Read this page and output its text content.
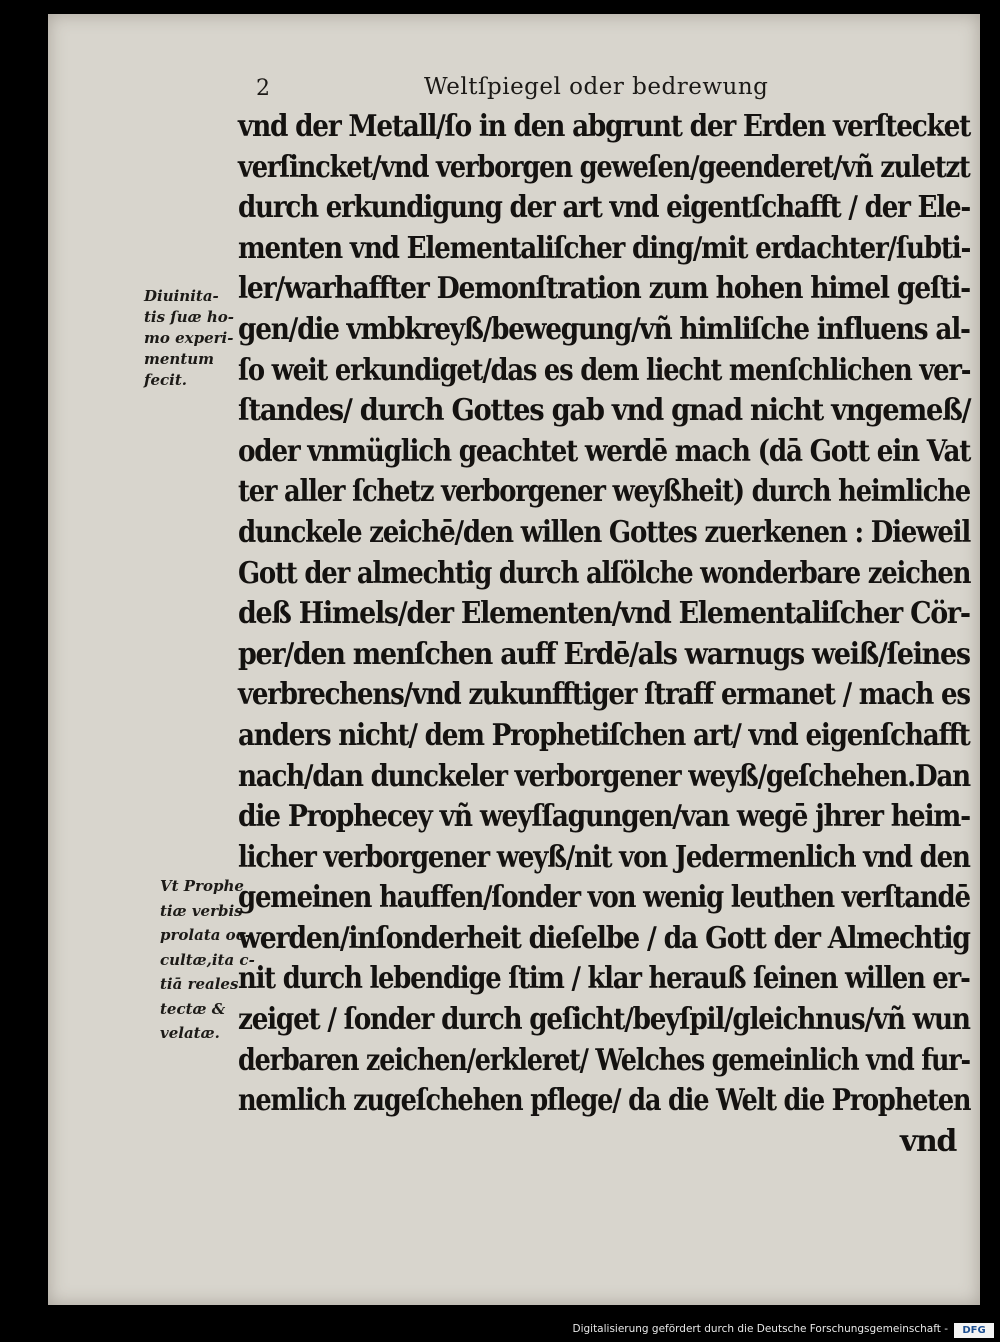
2	Weltſpiegel oder bedrewung
Diuinita-
tis ſuæ ho-
mo experi-
mentum
fecit.
Vt Prophe
tiæ verbis
prolata oc-
cultæ,ita c-
tiā reales
tectæ &
velatæ.
vnd der Metall/ſo in den abgrunt der Erden verſtecket
verſincket/vnd verborgen geweſen/geenderet/vñ zuletzt
durch erkundigung der art vnd eigentſchafft / der Ele-
menten vnd Elementaliſcher ding/mit erdachter/ſubti-
ler/warhaffter Demonſtration zum hohen himel geſti-
gen/die vmbkreyß/bewegung/vñ himliſche influens al-
ſo weit erkundiget/das es dem liecht menſchlichen ver-
ſtandes/ durch Gottes gab vnd gnad nicht vngemeß/
oder vnmüglich geachtet werdē mach (dā Gott ein Vat
ter aller ſchetz verborgener weyßheit) durch heimliche
dunckele zeichē/den willen Gottes zuerkenen : Dieweil
Gott der almechtig durch alſölche wonderbare zeichen
deß Himels/der Elementen/vnd Elementaliſcher Cör-
per/den menſchen auff Erdē/als warnugs weiß/ſeines
verbrechens/vnd zukunfftiger ſtraff ermanet / mach es
anders nicht/ dem Prophetiſchen art/ vnd eigenſchafft
nach/dan dunckeler verborgener weyß/geſchehen.Dan
die Prophecey vñ weyſſagungen/van wegē jhrer heim-
licher verborgener weyß/nit von Jedermenlich vnd den
gemeinen hauffen/ſonder von wenig leuthen verſtandē
werden/inſonderheit dieſelbe / da Gott der Almechtig
nit durch lebendige ſtim / klar herauß ſeinen willen er-
zeiget / ſonder durch geſicht/beyſpil/gleichnus/vñ wun
derbaren zeichen/erkleret/ Welches gemeinlich vnd fur-
nemlich zugeſchehen pflege/ da die Welt die Propheten
vnd
Digitalisierung gefördert durch die Deutsche Forschungsgemeinschaft -	DFG
